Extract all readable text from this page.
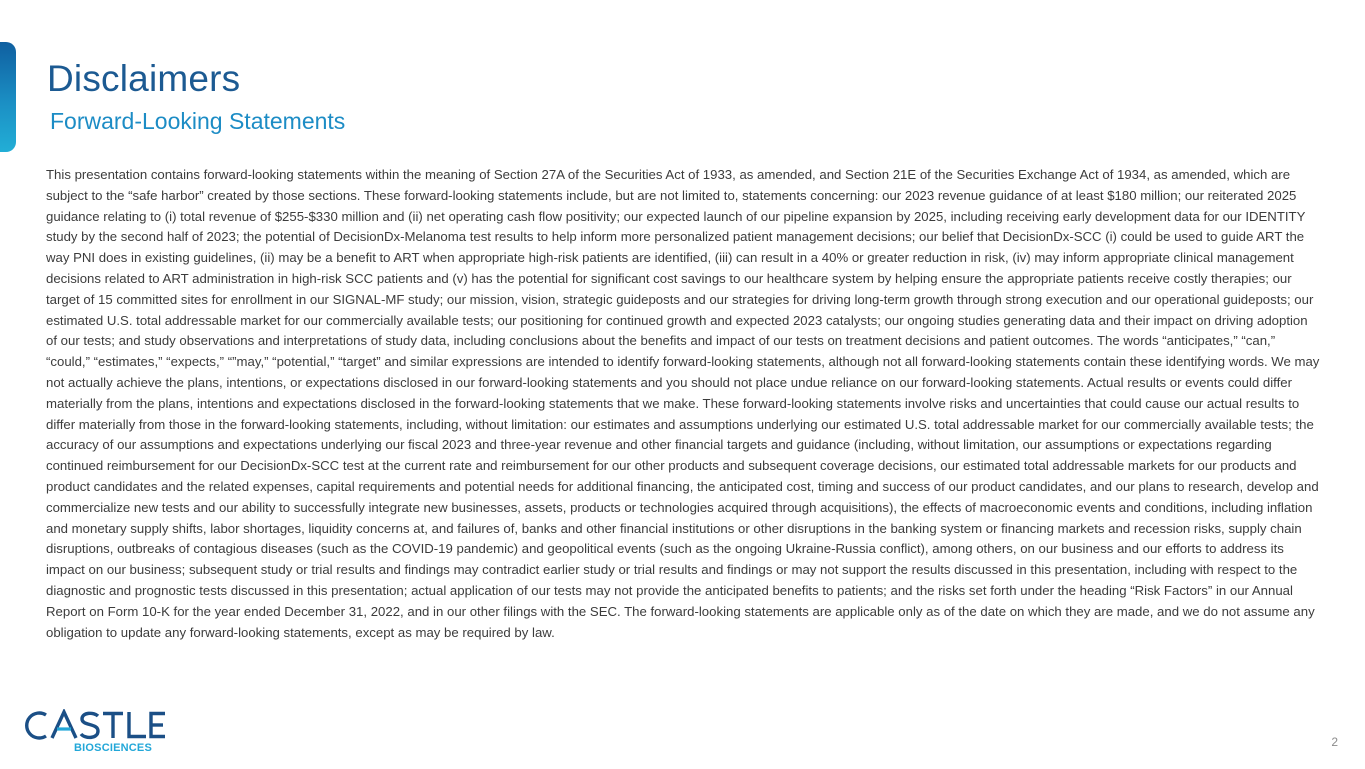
Disclaimers
Forward-Looking Statements

This presentation contains forward-looking statements within the meaning of Section 27A of the Securities Act of 1933, as amended, and Section 21E of the Securities Exchange Act of 1934, as amended, which are subject to the “safe harbor” created by those sections. These forward-looking statements include, but are not limited to, statements concerning: our 2023 revenue guidance of at least $180 million; our reiterated 2025 guidance relating to (i) total revenue of $255-$330 million and (ii) net operating cash flow positivity; our expected launch of our pipeline expansion by 2025, including receiving early development data for our IDENTITY study by the second half of 2023; the potential of DecisionDx-Melanoma test results to help inform more personalized patient management decisions; our belief that DecisionDx-SCC (i) could be used to guide ART the way PNI does in existing guidelines, (ii) may be a benefit to ART when appropriate high-risk patients are identified, (iii) can result in a 40% or greater reduction in risk, (iv) may inform appropriate clinical management decisions related to ART administration in high-risk SCC patients and (v) has the potential for significant cost savings to our healthcare system by helping ensure the appropriate patients receive costly therapies; our target of 15 committed sites for enrollment in our SIGNAL-MF study; our mission, vision, strategic guideposts and our strategies for driving long-term growth through strong execution and our operational guideposts; our estimated U.S. total addressable market for our commercially available tests; our positioning for continued growth and expected 2023 catalysts; our ongoing studies generating data and their impact on driving adoption of our tests; and study observations and interpretations of study data, including conclusions about the benefits and impact of our tests on treatment decisions and patient outcomes. The words “anticipates,” “can,” “could,” “estimates,” “expects,” “”may,” “potential,” “target” and similar expressions are intended to identify forward-looking statements, although not all forward-looking statements contain these identifying words. We may not actually achieve the plans, intentions, or expectations disclosed in our forward-looking statements and you should not place undue reliance on our forward-looking statements. Actual results or events could differ materially from the plans, intentions and expectations disclosed in the forward-looking statements that we make. These forward-looking statements involve risks and uncertainties that could cause our actual results to differ materially from those in the forward-looking statements, including, without limitation: our estimates and assumptions underlying our estimated U.S. total addressable market for our commercially available tests; the accuracy of our assumptions and expectations underlying our fiscal 2023 and three-year revenue and other financial targets and guidance (including, without limitation, our assumptions or expectations regarding continued reimbursement for our DecisionDx-SCC test at the current rate and reimbursement for our other products and subsequent coverage decisions, our estimated total addressable markets for our products and product candidates and the related expenses, capital requirements and potential needs for additional financing, the anticipated cost, timing and success of our product candidates, and our plans to research, develop and commercialize new tests and our ability to successfully integrate new businesses, assets, products or technologies acquired through acquisitions), the effects of macroeconomic events and conditions, including inflation and monetary supply shifts, labor shortages, liquidity concerns at, and failures of, banks and other financial institutions or other disruptions in the banking system or financing markets and recession risks, supply chain disruptions, outbreaks of contagious diseases (such as the COVID-19 pandemic) and geopolitical events (such as the ongoing Ukraine-Russia conflict), among others, on our business and our efforts to address its impact on our business; subsequent study or trial results and findings may contradict earlier study or trial results and findings or may not support the results discussed in this presentation, including with respect to the diagnostic and prognostic tests discussed in this presentation; actual application of our tests may not provide the anticipated benefits to patients; and the risks set forth under the heading “Risk Factors” in our Annual Report on Form 10-K for the year ended December 31, 2022, and in our other filings with the SEC. The forward-looking statements are applicable only as of the date on which they are made, and we do not assume any obligation to update any forward-looking statements, except as may be required by law.

BIOSCIENCES	2
